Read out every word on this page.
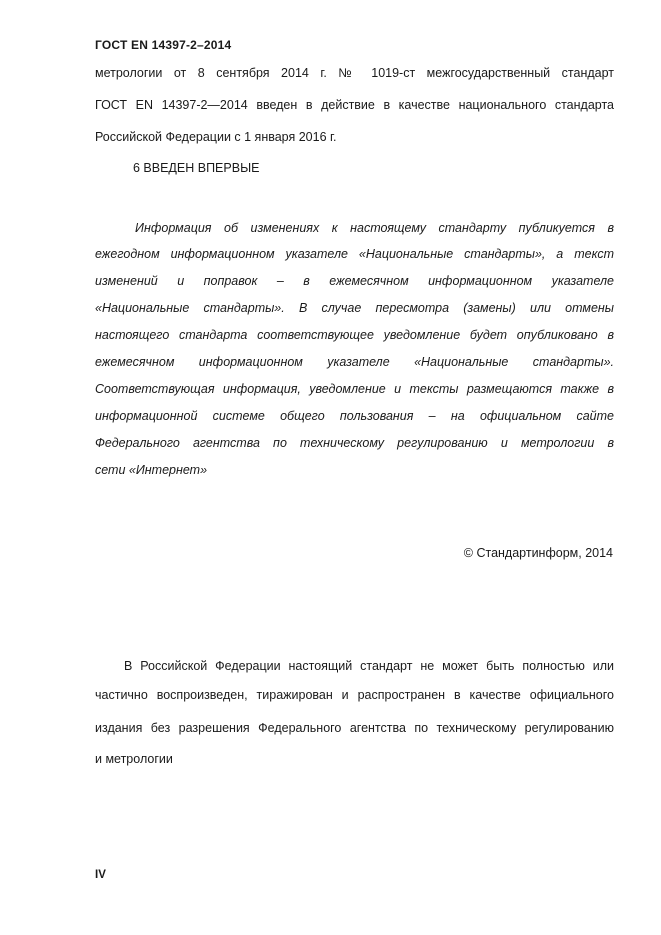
ГОСТ EN 14397-2–2014
метрологии от 8 сентября 2014 г. № 1019-ст межгосударственный стандарт
ГОСТ EN 14397-2—2014 введен в действие в качестве национального стандарта
Российской Федерации с 1 января 2016 г.
6 ВВЕДЕН ВПЕРВЫЕ
Информация об изменениях к настоящему стандарту публикуется в
ежегодном информационном указателе «Национальные стандарты», а текст
изменений и поправок – в ежемесячном информационном указателе
«Национальные стандарты». В случае пересмотра (замены) или отмены
настоящего стандарта соответствующее уведомление будет опубликовано в
ежемесячном информационном указателе «Национальные стандарты».
Соответствующая информация, уведомление и тексты размещаются также в
информационной системе общего пользования – на официальном сайте
Федерального агентства по техническому регулированию и метрологии в
сети «Интернет»
© Стандартинформ, 2014
В Российской Федерации настоящий стандарт не может быть полностью или
частично воспроизведен, тиражирован и распространен в качестве официального
издания без разрешения Федерального агентства по техническому регулированию
и метрологии
IV
